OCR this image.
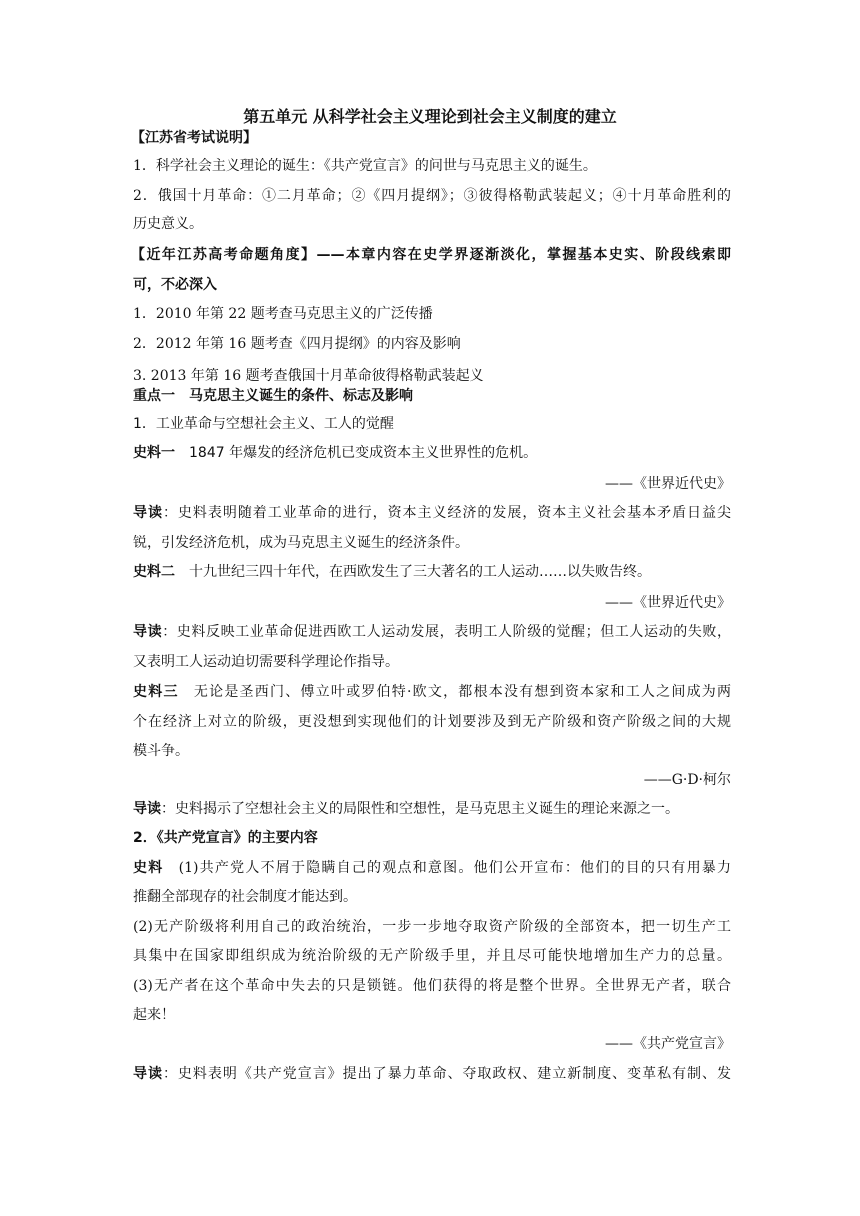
第五单元 从科学社会主义理论到社会主义制度的建立
【江苏省考试说明】
1．科学社会主义理论的诞生：《共产党宣言》的问世与马克思主义的诞生。
2．俄国十月革命：①二月革命；②《四月提纲》；③彼得格勒武装起义；④十月革命胜利的
历史意义。
【近年江苏高考命题角度】——本章内容在史学界逐渐淡化，掌握基本史实、阶段线索即
可，不必深入
1．2010 年第 22 题考查马克思主义的广泛传播
2．2012 年第 16 题考查《四月提纲》的内容及影响
3. 2013 年第 16 题考查俄国十月革命彼得格勒武装起义
重点一　马克思主义诞生的条件、标志及影响
1．工业革命与空想社会主义、工人的觉醒
史料一　1847 年爆发的经济危机已变成资本主义世界性的危机。
——《世界近代史》
导读：史料表明随着工业革命的进行，资本主义经济的发展，资本主义社会基本矛盾日益尖
锐，引发经济危机，成为马克思主义诞生的经济条件。
史料二　十九世纪三四十年代，在西欧发生了三大著名的工人运动……以失败告终。
——《世界近代史》
导读：史料反映工业革命促进西欧工人运动发展，表明工人阶级的觉醒；但工人运动的失败，
又表明工人运动迫切需要科学理论作指导。
史料三　无论是圣西门、傅立叶或罗伯特·欧文，都根本没有想到资本家和工人之间成为两
个在经济上对立的阶级，更没想到实现他们的计划要涉及到无产阶级和资产阶级之间的大规
模斗争。
——G·D·柯尔
导读：史料揭示了空想社会主义的局限性和空想性，是马克思主义诞生的理论来源之一。
2．《共产党宣言》的主要内容
史料　(1)共产党人不屑于隐瞒自己的观点和意图。他们公开宣布：他们的目的只有用暴力
推翻全部现存的社会制度才能达到。
(2)无产阶级将利用自己的政治统治，一步一步地夺取资产阶级的全部资本，把一切生产工
具集中在国家即组织成为统治阶级的无产阶级手里，并且尽可能快地增加生产力的总量。
(3)无产者在这个革命中失去的只是锁链。他们获得的将是整个世界。全世界无产者，联合
起来！
——《共产党宣言》
导读：史料表明《共产党宣言》提出了暴力革命、夺取政权、建立新制度、变革私有制、发
